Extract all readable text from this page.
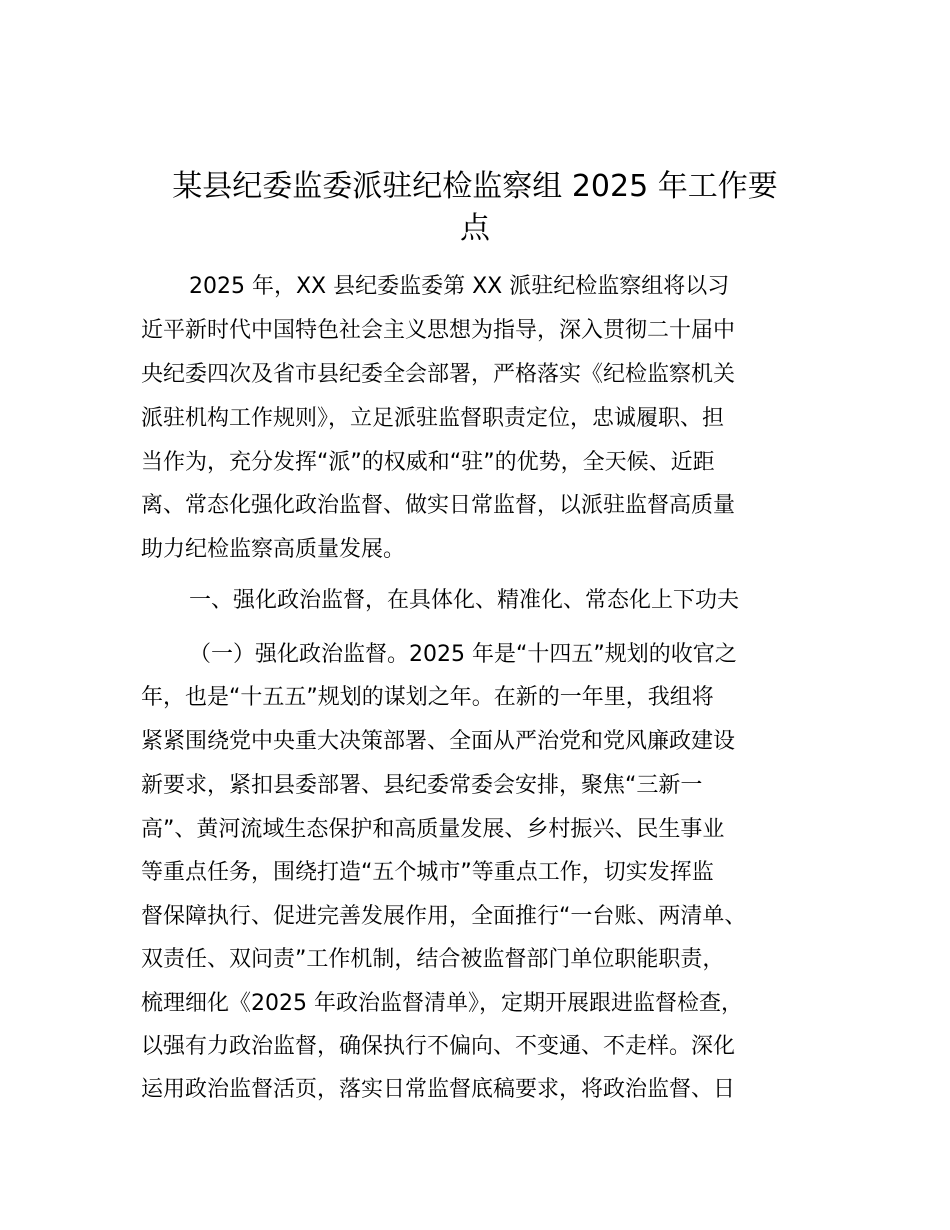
某县纪委监委派驻纪检监察组 2025 年工作要
点

2025 年，XX 县纪委监委第 XX 派驻纪检监察组将以习

近平新时代中国特色社会主义思想为指导，深入贯彻二十届中

央纪委四次及省市县纪委全会部署，严格落实《纪检监察机关

派驻机构工作规则》，立足派驻监督职责定位，忠诚履职、担

当作为，充分发挥“派”的权威和“驻”的优势，全天候、近距

离、常态化强化政治监督、做实日常监督，以派驻监督高质量

助力纪检监察高质量发展。

一、强化政治监督，在具体化、精准化、常态化上下功夫

（一）强化政治监督。2025 年是“十四五”规划的收官之

年，也是“十五五”规划的谋划之年。在新的一年里，我组将

紧紧围绕党中央重大决策部署、全面从严治党和党风廉政建设

新要求，紧扣县委部署、县纪委常委会安排，聚焦“三新一

高”、黄河流域生态保护和高质量发展、乡村振兴、民生事业

等重点任务，围绕打造“五个城市”等重点工作，切实发挥监

督保障执行、促进完善发展作用，全面推行“一台账、两清单、

双责任、双问责”工作机制，结合被监督部门单位职能职责，

梳理细化《2025 年政治监督清单》，定期开展跟进监督检查，

以强有力政治监督，确保执行不偏向、不变通、不走样。深化

运用政治监督活页，落实日常监督底稿要求，将政治监督、日
